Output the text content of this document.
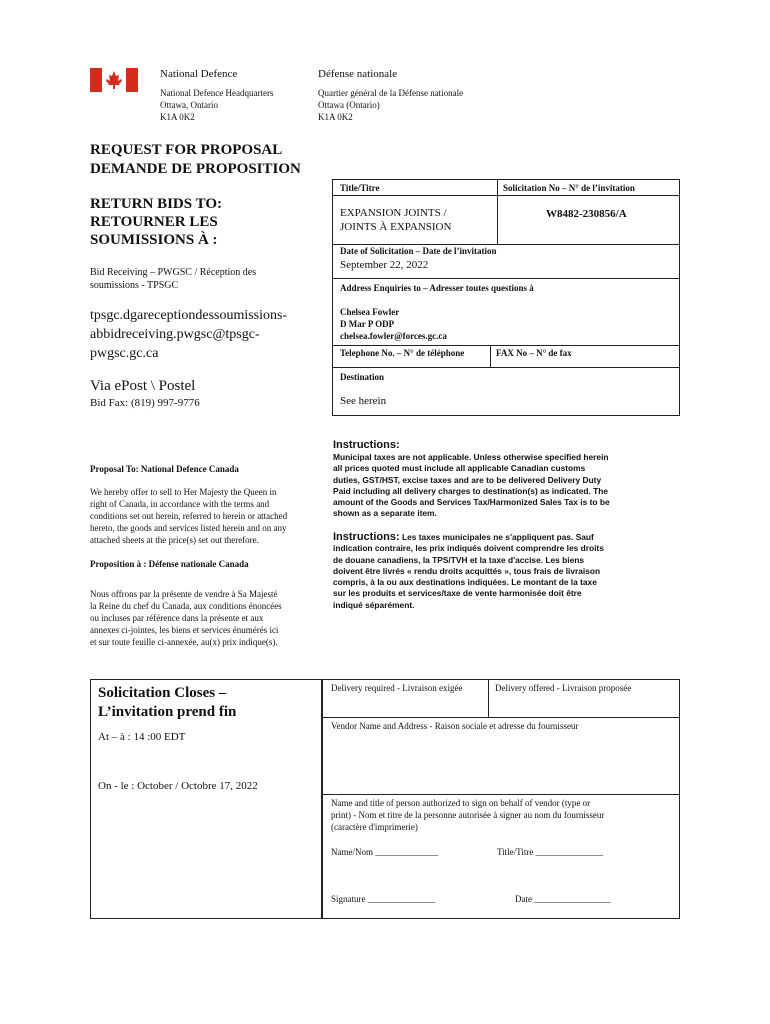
National Defence	Défense nationale
National Defence Headquarters
Ottawa, Ontario
K1A 0K2
Quartier général de la Défense nationale
Ottawa (Ontario)
K1A 0K2
REQUEST FOR PROPOSAL
DEMANDE DE PROPOSITION
RETURN BIDS TO:
RETOURNER LES
SOUMISSIONS À :
Bid Receiving – PWGSC / Réception des
soumissions - TPSGC
tpsgc.dgareceptiondessoumissions-
abbidreceiving.pwgsc@tpsgc-
pwgsc.gc.ca
Via ePost \ Postel
Bid Fax: (819) 997-9776
Title/Titre	Solicitation No – N° de l’invitation
EXPANSION JOINTS /
JOINTS À EXPANSION
W8482-230856/A
Date of Solicitation – Date de l’invitation
September 22, 2022
Address Enquiries to – Adresser toutes questions à
Chelsea Fowler
D Mar P ODP
chelsea.fowler@forces.gc.ca
Telephone No. – N° de téléphone	FAX No – N° de fax
Destination
See herein
Proposal To: National Defence Canada
We hereby offer to sell to Her Majesty the Queen in
right of Canada, in accordance with the terms and
conditions set out herein, referred to herein or attached
hereto, the goods and services listed herein and on any
attached sheets at the price(s) set out therefore.
Proposition à : Défense nationale Canada
Nous offrons par la présente de vendre à Sa Majesté
la Reine du chef du Canada, aux conditions énoncées
ou incluses par référence dans la présente et aux
annexes ci-jointes, les biens et services énumérés ici
et sur toute feuille ci-annexée, au(x) prix indique(s).
Instructions:
Municipal taxes are not applicable. Unless otherwise specified herein
all prices quoted must include all applicable Canadian customs
duties, GST/HST, excise taxes and are to be delivered Delivery Duty
Paid including all delivery charges to destination(s) as indicated. The
amount of the Goods and Services Tax/Harmonized Sales Tax is to be
shown as a separate item.
Instructions: Les taxes municipales ne s'appliquent pas. Sauf
indication contraire, les prix indiqués doivent comprendre les droits
de douane canadiens, la TPS/TVH et la taxe d'accise. Les biens
doivent être livrés « rendu droits acquittés », tous frais de livraison
compris, à la ou aux destinations indiquées. Le montant de la taxe
sur les produits et services/taxe de vente harmonisée doit être
indiqué séparément.
Solicitation Closes –
L’invitation prend fin
At – à : 14 :00 EDT
On - le : October / Octobre 17, 2022
Delivery required - Livraison exigée	Delivery offered - Livraison proposée
Vendor Name and Address - Raison sociale et adresse du fournisseur
Name and title of person authorized to sign on behalf of vendor (type or
print) - Nom et titre de la personne autorisée à signer au nom du fournisseur
(caractère d'imprimerie)
Name/Nom ______________	Title/Titre _______________
Signature _______________	Date _________________
